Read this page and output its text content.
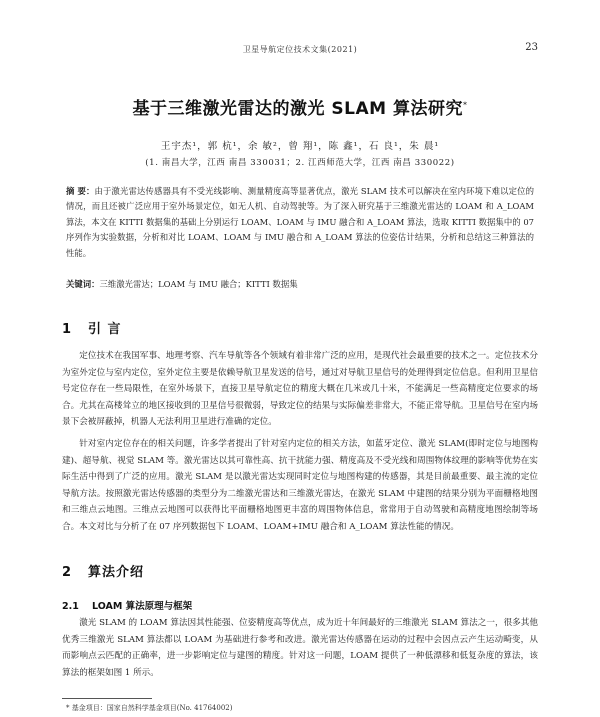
卫星导航定位技术文集(2021)	23
基于三维激光雷达的激光 SLAM 算法研究*
王宇杰¹，郭 杭¹，余 敏²，曾 翔¹，陈 鑫¹，石 良¹，朱 晨¹
(1. 南昌大学，江西 南昌 330031；2. 江西师范大学，江西 南昌 330022)
摘 要：由于激光雷达传感器具有不受光线影响、测量精度高等显著优点，激光 SLAM 技术可以解决在室内环境下难以定位的情况，而且还被广泛应用于室外场景定位，如无人机、自动驾驶等。为了深入研究基于三维激光雷达的 LOAM 和 A_LOAM 算法，本文在 KITTI 数据集的基础上分别运行 LOAM、LOAM 与 IMU 融合和 A_LOAM 算法，选取 KITTI 数据集中的 07 序列作为实验数据，分析和对比 LOAM、LOAM 与 IMU 融合和 A_LOAM 算法的位姿估计结果，分析和总结这三种算法的性能。
关键词：三维激光雷达；LOAM 与 IMU 融合；KITTI 数据集
1 引 言
定位技术在我国军事、地理考察、汽车导航等各个领域有着非常广泛的应用，是现代社会最重要的技术之一。定位技术分为室外定位与室内定位，室外定位主要是依赖导航卫星发送的信号，通过对导航卫星信号的处理得到定位信息。但利用卫星信号定位存在一些局限性，在室外场景下，直接卫星导航定位的精度大概在几米或几十米，不能满足一些高精度定位要求的场合。尤其在高楼耸立的地区接收到的卫星信号很微弱，导致定位的结果与实际偏差非常大，不能正常导航。卫星信号在室内场景下会被屏蔽掉，机器人无法利用卫星进行准确的定位。
针对室内定位存在的相关问题，许多学者提出了针对室内定位的相关方法，如蓝牙定位、激光 SLAM(即时定位与地图构建)、超导航、视觉 SLAM 等。激光雷达以其可靠性高、抗干扰能力强、精度高及不受光线和周围物体纹理的影响等优势在实际生活中得到了广泛的应用。激光 SLAM 是以激光雷达实现同时定位与地图构建的传感器，其是目前最重要、最主流的定位导航方法。按照激光雷达传感器的类型分为二维激光雷达和三维激光雷达，在激光 SLAM 中建图的结果分别为平面栅格地图和三维点云地图。三维点云地图可以获得比平面栅格地图更丰富的周围物体信息，常常用于自动驾驶和高精度地图绘制等场合。本文对比与分析了在 07 序列数据包下 LOAM、LOAM+IMU 融合和 A_LOAM 算法性能的情况。
2 算法介绍
2.1 LOAM 算法原理与框架
激光 SLAM 的 LOAM 算法因其性能强、位姿精度高等优点，成为近十年间最好的三维激光 SLAM 算法之一，很多其他优秀三维激光 SLAM 算法都以 LOAM 为基础进行参考和改进。激光雷达传感器在运动的过程中会因点云产生运动畸变，从而影响点云匹配的正确率，进一步影响定位与建图的精度。针对这一问题，LOAM 提供了一种低漂移和低复杂度的算法，该算法的框架如图 1 所示。
* 基金项目：国家自然科学基金项目(No. 41764002)
